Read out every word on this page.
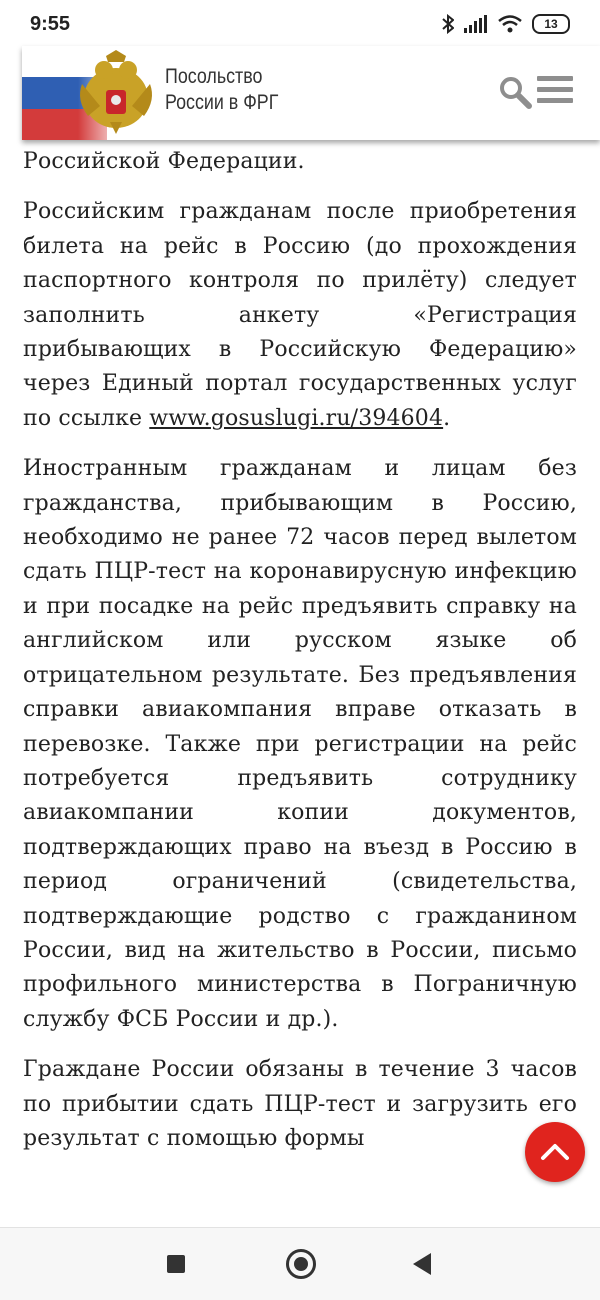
9:55	13
Посольство
России в ФРГ

Российской Федерации.

Российским гражданам после приобретения билета на рейс в Россию (до прохождения паспортного контроля по прилёту) следует заполнить анкету «Регистрация прибывающих в Российскую Федерацию» через Единый портал государственных услуг по ссылке www.gosuslugi.ru/394604.

Иностранным гражданам и лицам без гражданства, прибывающим в Россию, необходимо не ранее 72 часов перед вылетом сдать ПЦР-тест на коронавирусную инфекцию и при посадке на рейс предъявить справку на английском или русском языке об отрицательном результате. Без предъявления справки авиакомпания вправе отказать в перевозке. Также при регистрации на рейс потребуется предъявить сотруднику авиакомпании копии документов, подтверждающих право на въезд в Россию в период ограничений (свидетельства, подтверждающие родство с гражданином России, вид на жительство в России, письмо профильного министерства в Пограничную службу ФСБ России и др.).

Граждане России обязаны в течение 3 часов по прибытии сдать ПЦР-тест и загрузить его результат с помощью формы
